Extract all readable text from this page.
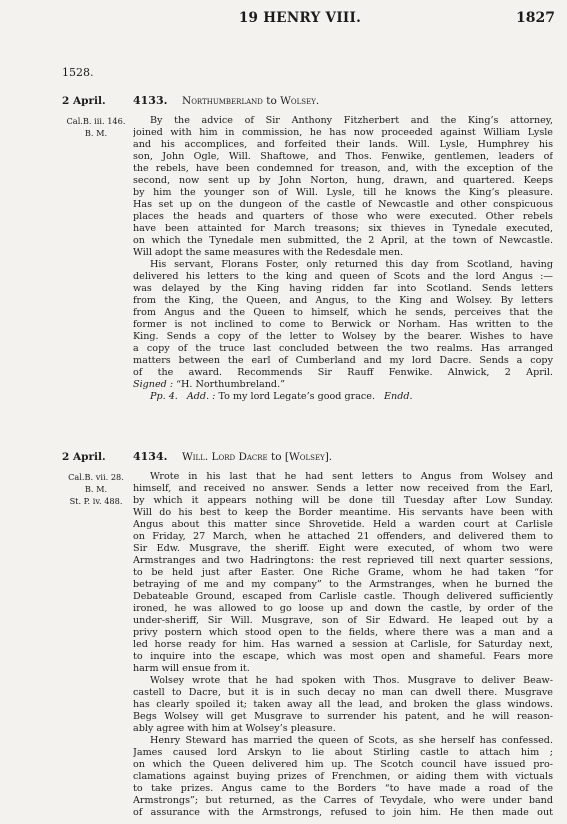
19 HENRY VIII.	1827
1528.
2 April. 4133. Northumberland to Wolsey.
Cal.B. iii. 146.
B. M.
By the advice of Sir Anthony Fitzherbert and the King’s attorney,
joined with him in commission, he has now proceeded against William Lysle
and his accomplices, and forfeited their lands. Will. Lysle, Humphrey his
son, John Ogle, Will. Shaftowe, and Thos. Fenwike, gentlemen, leaders of
the rebels, have been condemned for treason, and, with the exception of the
second, now sent up by John Norton, hung, drawn, and quartered. Keeps
by him the younger son of Will. Lysle, till he knows the King’s pleasure.
Has set up on the dungeon of the castle of Newcastle and other conspicuous
places the heads and quarters of those who were executed. Other rebels
have been attainted for March treasons; six thieves in Tynedale executed,
on which the Tynedale men submitted, the 2 April, at the town of Newcastle.
Will adopt the same measures with the Redesdale men.
His servant, Florans Foster, only returned this day from Scotland, having
delivered his letters to the king and queen of Scots and the lord Angus :—
was delayed by the King having ridden far into Scotland. Sends letters
from the King, the Queen, and Angus, to the King and Wolsey. By letters
from Angus and the Queen to himself, which he sends, perceives that the
former is not inclined to come to Berwick or Norham. Has written to the
King. Sends a copy of the letter to Wolsey by the bearer. Wishes to have
a copy of the truce last concluded between the two realms. Has arranged
matters between the earl of Cumberland and my lord Dacre. Sends a copy
of the award. Recommends Sir Rauff Fenwike. Alnwick, 2 April.
Signed : “H. Northumbreland.”
Pp. 4. Add. : To my lord Legate’s good grace. Endd.
2 April. 4134. Will. Lord Dacre to [Wolsey].
Cal.B. vii. 28.
B. M.
St. P. iv. 488.
Wrote in his last that he had sent letters to Angus from Wolsey and
himself, and received no answer. Sends a letter now received from the Earl,
by which it appears nothing will be done till Tuesday after Low Sunday.
Will do his best to keep the Border meantime. His servants have been with
Angus about this matter since Shrovetide. Held a warden court at Carlisle
on Friday, 27 March, when he attached 21 offenders, and delivered them to
Sir Edw. Musgrave, the sheriff. Eight were executed, of whom two were
Armstranges and two Hadringtons: the rest reprieved till next quarter sessions,
to be held just after Easter. One Riche Grame, whom he had taken “for
betraying of me and my company” to the Armstranges, when he burned the
Debateable Ground, escaped from Carlisle castle. Though delivered sufficiently
ironed, he was allowed to go loose up and down the castle, by order of the
under-sheriff, Sir Will. Musgrave, son of Sir Edward. He leaped out by a
privy postern which stood open to the fields, where there was a man and a
led horse ready for him. Has warned a session at Carlisle, for Saturday next,
to inquire into the escape, which was most open and shameful. Fears more
harm will ensue from it.
Wolsey wrote that he had spoken with Thos. Musgrave to deliver Beaw-
castell to Dacre, but it is in such decay no man can dwell there. Musgrave
has clearly spoiled it; taken away all the lead, and broken the glass windows.
Begs Wolsey will get Musgrave to surrender his patent, and he will reason-
ably agree with him at Wolsey’s pleasure.
Henry Steward has married the queen of Scots, as she herself has confessed.
James caused lord Arskyn to lie about Stirling castle to attach him ;
on which the Queen delivered him up. The Scotch council have issued pro-
clamations against buying prizes of Frenchmen, or aiding them with victuals
to take prizes. Angus came to the Borders “to have made a road of the
Armstrongs”; but returned, as the Carres of Tevydale, who were under band
of assurance with the Armstrongs, refused to join him. He then made out
